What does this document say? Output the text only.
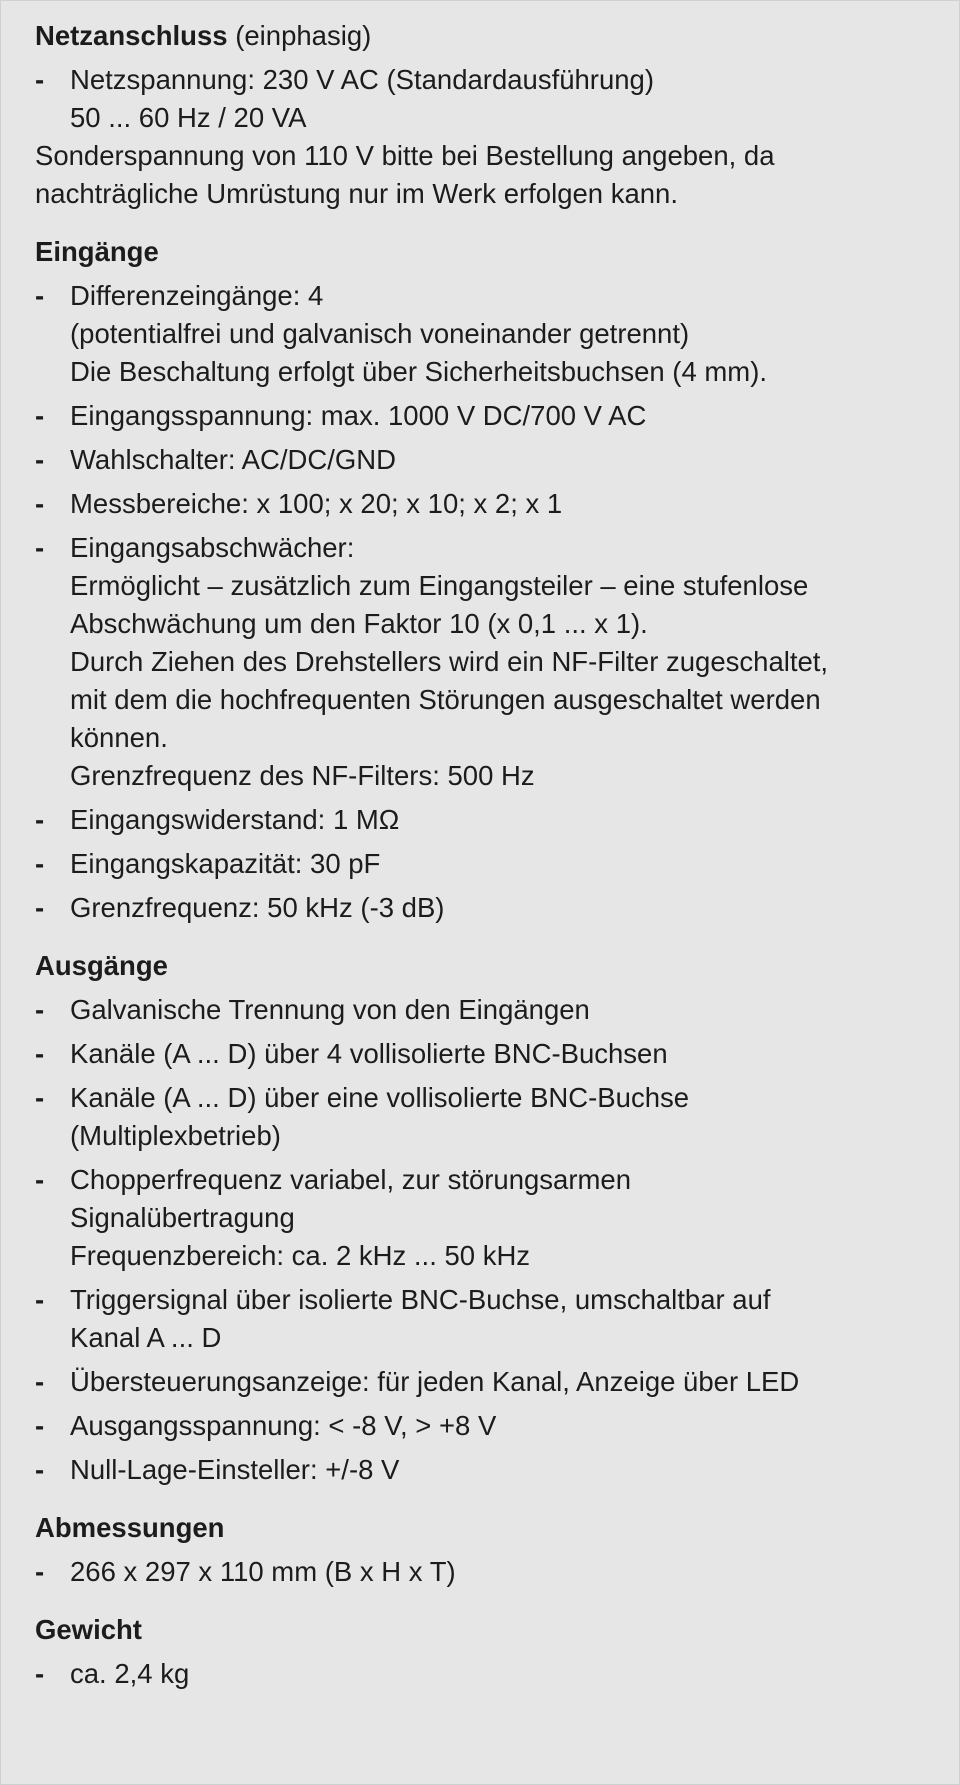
Netzanschluss (einphasig)
- Netzspannung: 230 V AC (Standardausführung)
50 ... 60 Hz / 20 VA
Sonderspannung von 110 V bitte bei Bestellung angeben, da
nachträgliche Umrüstung nur im Werk erfolgen kann.
Eingänge
- Differenzeingänge: 4
(potentialfrei und galvanisch voneinander getrennt)
Die Beschaltung erfolgt über Sicherheitsbuchsen (4 mm).
- Eingangsspannung: max. 1000 V DC/700 V AC
- Wahlschalter: AC/DC/GND
- Messbereiche: x 100; x 20; x 10; x 2; x 1
- Eingangsabschwächer:
Ermöglicht – zusätzlich zum Eingangsteiler – eine stufenlose
Abschwächung um den Faktor 10 (x 0,1 ... x 1).
Durch Ziehen des Drehstellers wird ein NF-Filter zugeschaltet,
mit dem die hochfrequenten Störungen ausgeschaltet werden
können.
Grenzfrequenz des NF-Filters: 500 Hz
- Eingangswiderstand: 1 MΩ
- Eingangskapazität: 30 pF
- Grenzfrequenz: 50 kHz (-3 dB)
Ausgänge
- Galvanische Trennung von den Eingängen
- Kanäle (A ... D) über 4 vollisolierte BNC-Buchsen
- Kanäle (A ... D) über eine vollisolierte BNC-Buchse
(Multiplexbetrieb)
- Chopperfrequenz variabel, zur störungsarmen
Signalübertragung
Frequenzbereich: ca. 2 kHz ... 50 kHz
- Triggersignal über isolierte BNC-Buchse, umschaltbar auf
Kanal A ... D
- Übersteuerungsanzeige: für jeden Kanal, Anzeige über LED
- Ausgangsspannung: < -8 V, > +8 V
- Null-Lage-Einsteller: +/-8 V
Abmessungen
- 266 x 297 x 110 mm (B x H x T)
Gewicht
- ca. 2,4 kg
